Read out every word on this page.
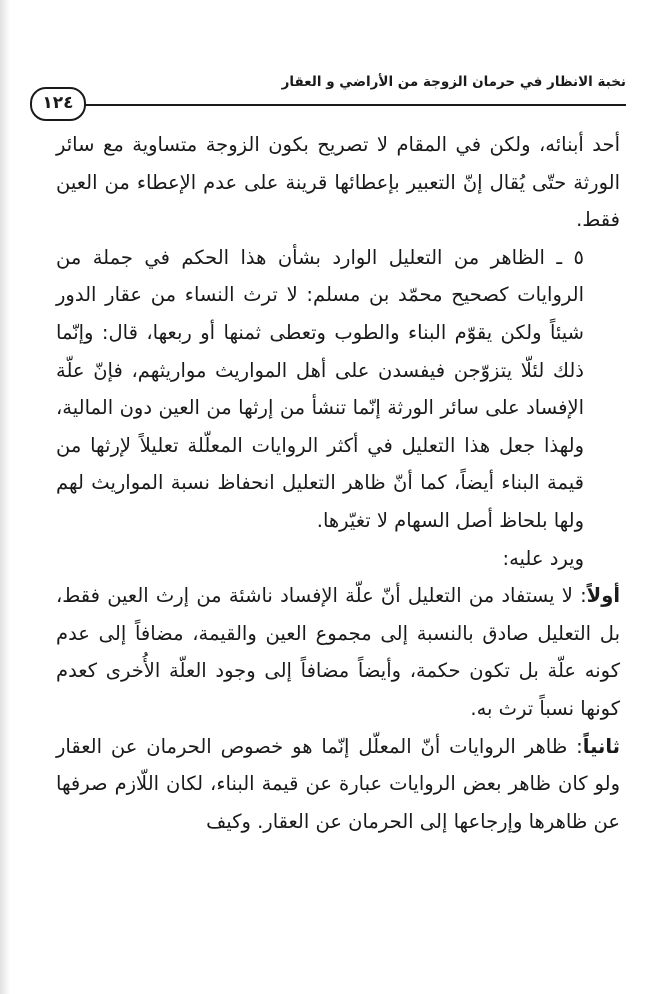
نخبة الانظار في حرمان الزوجة من الأراضي و العقار
١٢٤

أحد أبنائه، ولكن في المقام لا تصريح بكون الزوجة متساوية مع سائر الورثة حتّى يُقال إنّ التعبير بإعطائها قرينة على عدم الإعطاء من العين فقط.

٥ ـ الظاهر من التعليل الوارد بشأن هذا الحكم في جملة من الروايات كصحيح محمّد بن مسلم: لا ترث النساء من عقار الدور شيئاً ولكن يقوّم البناء والطوب وتعطى ثمنها أو ربعها، قال: وإنّما ذلك لئلّا يتزوّجن فيفسدن على أهل المواريث مواريثهم، فإنّ علّة الإفساد على سائر الورثة إنّما تنشأ من إرثها من العين دون المالية، ولهذا جعل هذا التعليل في أكثر الروايات المعلّلة تعليلاً لإرثها من قيمة البناء أيضاً، كما أنّ ظاهر التعليل انحفاظ نسبة المواريث لهم ولها بلحاظ أصل السهام لا تغيّرها.

ويرد عليه:

أولاً: لا يستفاد من التعليل أنّ علّة الإفساد ناشئة من إرث العين فقط، بل التعليل صادق بالنسبة إلى مجموع العين والقيمة، مضافاً إلى عدم كونه علّة بل تكون حكمة، وأيضاً مضافاً إلى وجود العلّة الأُخرى كعدم كونها نسباً ترث به.

ثانياً: ظاهر الروايات أنّ المعلّل إنّما هو خصوص الحرمان عن العقار ولو كان ظاهر بعض الروايات عبارة عن قيمة البناء، لكان اللّازم صرفها عن ظاهرها وإرجاعها إلى الحرمان عن العقار. وكيف
